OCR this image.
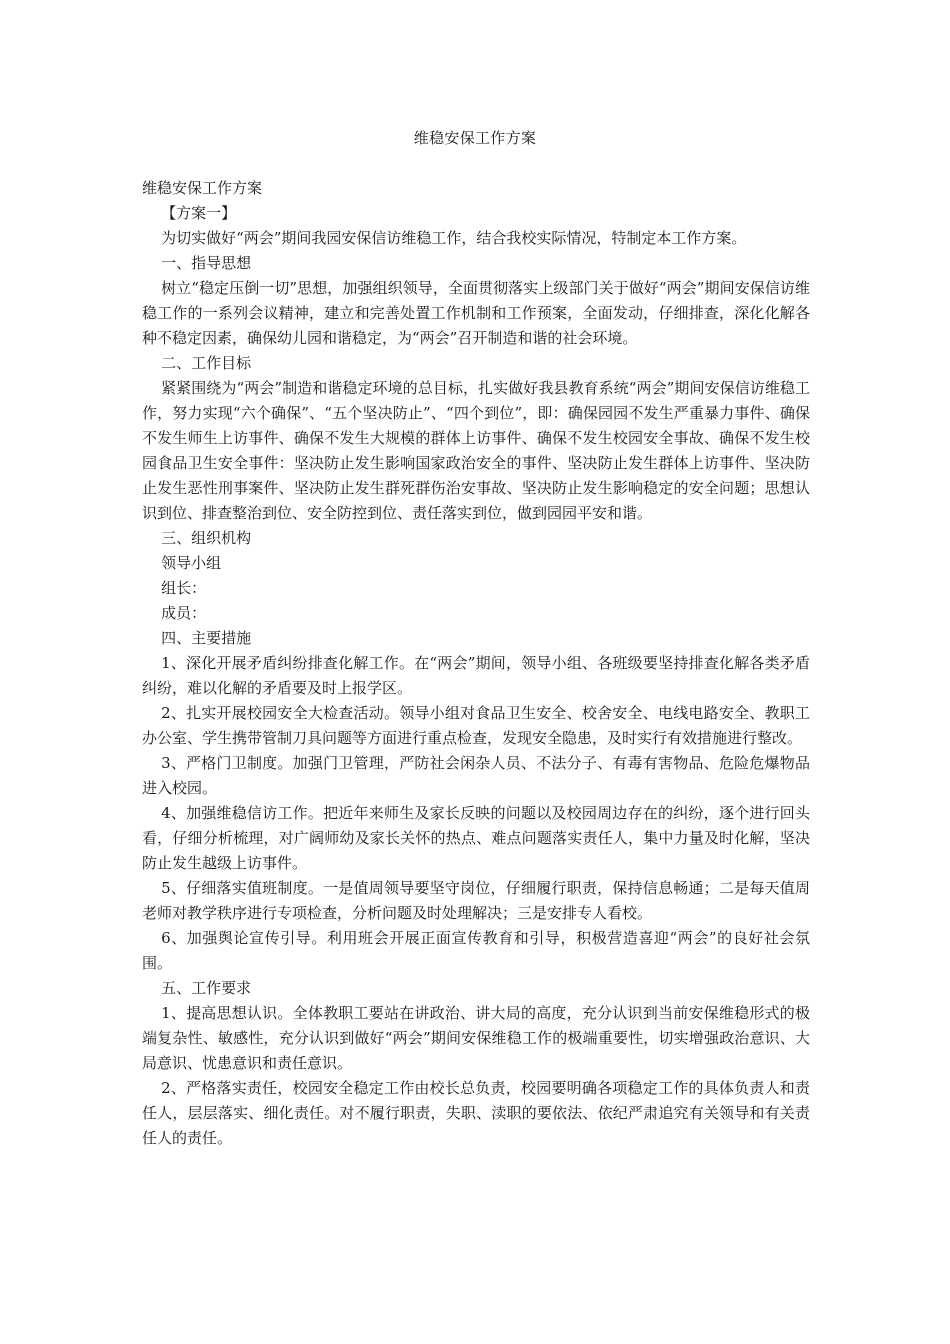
维稳安保工作方案

维稳安保工作方案

【方案一】

为切实做好“两会”期间我园安保信访维稳工作，结合我校实际情况，特制定本工作方案。

一、指导思想

树立“稳定压倒一切”思想，加强组织领导，全面贯彻落实上级部门关于做好“两会”期间安保信访维稳工作的一系列会议精神，建立和完善处置工作机制和工作预案，全面发动，仔细排查，深化化解各种不稳定因素，确保幼儿园和谐稳定，为“两会”召开制造和谐的社会环境。

二、工作目标

紧紧围绕为“两会”制造和谐稳定环境的总目标，扎实做好我县教育系统“两会”期间安保信访维稳工作，努力实现“六个确保”、“五个坚决防止”、“四个到位”，即：确保园园不发生严重暴力事件、确保不发生师生上访事件、确保不发生大规模的群体上访事件、确保不发生校园安全事故、确保不发生校园食品卫生安全事件：坚决防止发生影响国家政治安全的事件、坚决防止发生群体上访事件、坚决防止发生恶性刑事案件、坚决防止发生群死群伤治安事故、坚决防止发生影响稳定的安全问题；思想认识到位、排查整治到位、安全防控到位、责任落实到位，做到园园平安和谐。

三、组织机构

领导小组

组长：

成员：

四、主要措施

1、深化开展矛盾纠纷排查化解工作。在“两会”期间，领导小组、各班级要坚持排查化解各类矛盾纠纷，难以化解的矛盾要及时上报学区。

2、扎实开展校园安全大检查活动。领导小组对食品卫生安全、校舍安全、电线电路安全、教职工办公室、学生携带管制刀具问题等方面进行重点检查，发现安全隐患，及时实行有效措施进行整改。

3、严格门卫制度。加强门卫管理，严防社会闲杂人员、不法分子、有毒有害物品、危险危爆物品进入校园。

4、加强维稳信访工作。把近年来师生及家长反映的问题以及校园周边存在的纠纷，逐个进行回头看，仔细分析梳理，对广阔师幼及家长关怀的热点、难点问题落实责任人，集中力量及时化解，坚决防止发生越级上访事件。

5、仔细落实值班制度。一是值周领导要坚守岗位，仔细履行职责，保持信息畅通；二是每天值周老师对教学秩序进行专项检查，分析问题及时处理解决；三是安排专人看校。

6、加强舆论宣传引导。利用班会开展正面宣传教育和引导，积极营造喜迎“两会”的良好社会氛围。

五、工作要求

1、提高思想认识。全体教职工要站在讲政治、讲大局的高度，充分认识到当前安保维稳形式的极端复杂性、敏感性，充分认识到做好“两会”期间安保维稳工作的极端重要性，切实增强政治意识、大局意识、忧患意识和责任意识。

2、严格落实责任，校园安全稳定工作由校长总负责，校园要明确各项稳定工作的具体负责人和责任人，层层落实、细化责任。对不履行职责，失职、渎职的要依法、依纪严肃追究有关领导和有关责任人的责任。
